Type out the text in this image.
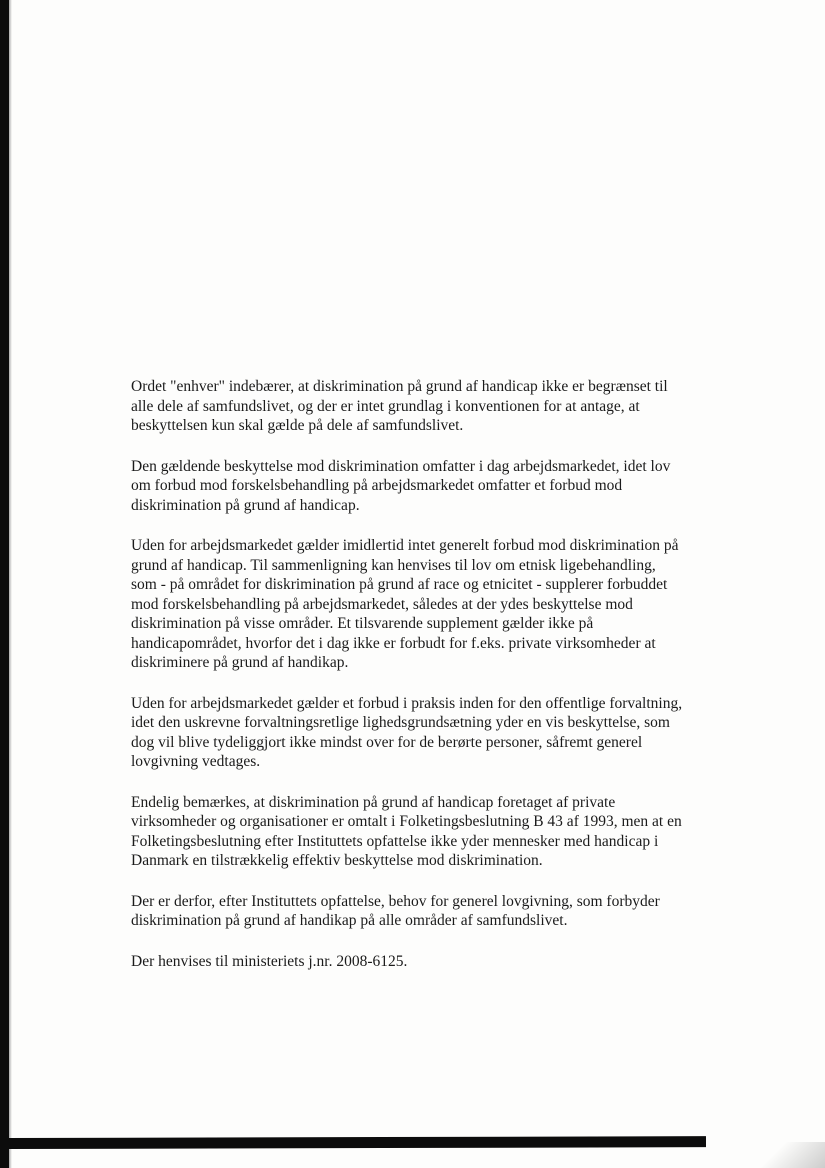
Ordet "enhver" indebærer, at diskrimination på grund af handicap ikke er begrænset til alle dele af samfundslivet, og der er intet grundlag i konventionen for at antage, at beskyttelsen kun skal gælde på dele af samfundslivet.

Den gældende beskyttelse mod diskrimination omfatter i dag arbejdsmarkedet, idet lov om forbud mod forskelsbehandling på arbejdsmarkedet omfatter et forbud mod diskrimination på grund af handicap.

Uden for arbejdsmarkedet gælder imidlertid intet generelt forbud mod diskrimination på grund af handicap. Til sammenligning kan henvises til lov om etnisk ligebehandling, som - på området for diskrimination på grund af race og etnicitet - supplerer forbuddet mod forskelsbehandling på arbejdsmarkedet, således at der ydes beskyttelse mod diskrimination på visse områder. Et tilsvarende supplement gælder ikke på handicapområdet, hvorfor det i dag ikke er forbudt for f.eks. private virksomheder at diskriminere på grund af handikap.

Uden for arbejdsmarkedet gælder et forbud i praksis inden for den offentlige forvaltning, idet den uskrevne forvaltningsretlige lighedsgrundsætning yder en vis beskyttelse, som dog vil blive tydeliggjort ikke mindst over for de berørte personer, såfremt generel lovgivning vedtages.

Endelig bemærkes, at diskrimination på grund af handicap foretaget af private virksomheder og organisationer er omtalt i Folketingsbeslutning B 43 af 1993, men at en Folketingsbeslutning efter Instituttets opfattelse ikke yder mennesker med handicap i Danmark en tilstrækkelig effektiv beskyttelse mod diskrimination.

Der er derfor, efter Instituttets opfattelse, behov for generel lovgivning, som forbyder diskrimination på grund af handikap på alle områder af samfundslivet.

Der henvises til ministeriets j.nr. 2008-6125.
